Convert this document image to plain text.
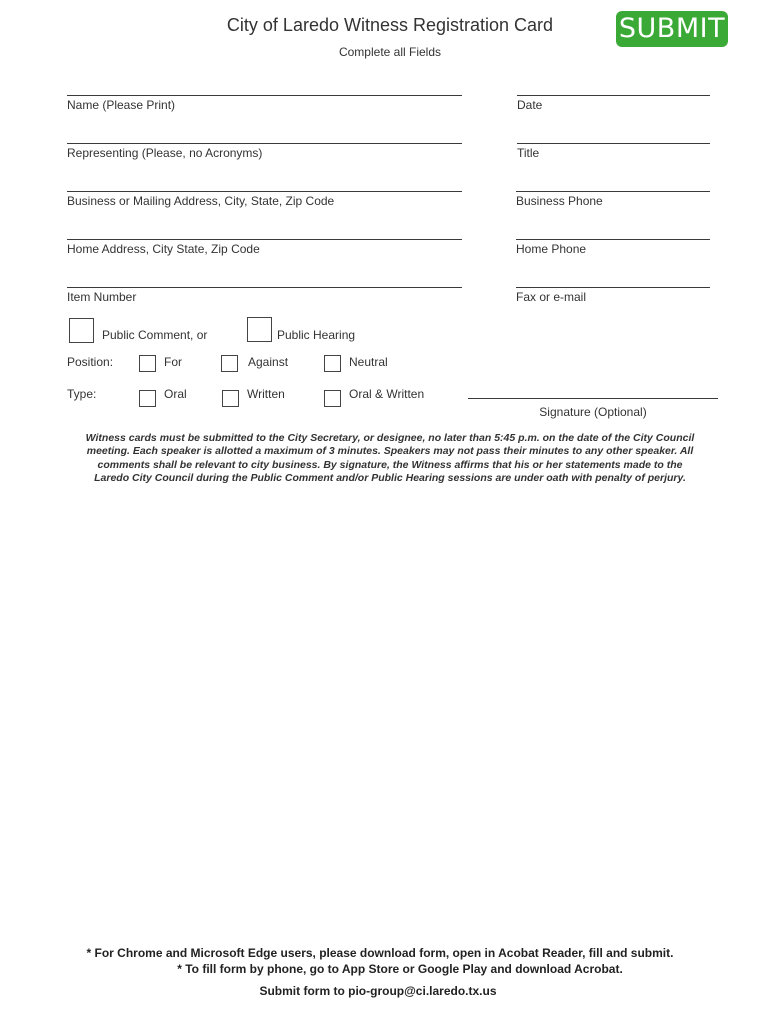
City of Laredo Witness Registration Card
Complete all Fields
SUBMIT
Name (Please Print)	Date
Representing (Please, no Acronyms)	Title
Business or Mailing Address, City, State, Zip Code	Business Phone
Home Address, City State, Zip Code	Home Phone
Item Number	Fax or e-mail
Public Comment, or	Public Hearing
Position:	For	Against	Neutral
Type:	Oral	Written	Oral & Written
Signature (Optional)
Witness cards must be submitted to the City Secretary, or designee, no later than 5:45 p.m. on the date of the City Council meeting. Each speaker is allotted a maximum of 3 minutes. Speakers may not pass their minutes to any other speaker. All comments shall be relevant to city business. By signature, the Witness affirms that his or her statements made to the Laredo City Council during the Public Comment and/or Public Hearing sessions are under oath with penalty of perjury.
* For Chrome and Microsoft Edge users, please download form, open in Acobat Reader, fill and submit.
* To fill form by phone, go to App Store or Google Play and download Acrobat.
Submit form to pio-group@ci.laredo.tx.us
